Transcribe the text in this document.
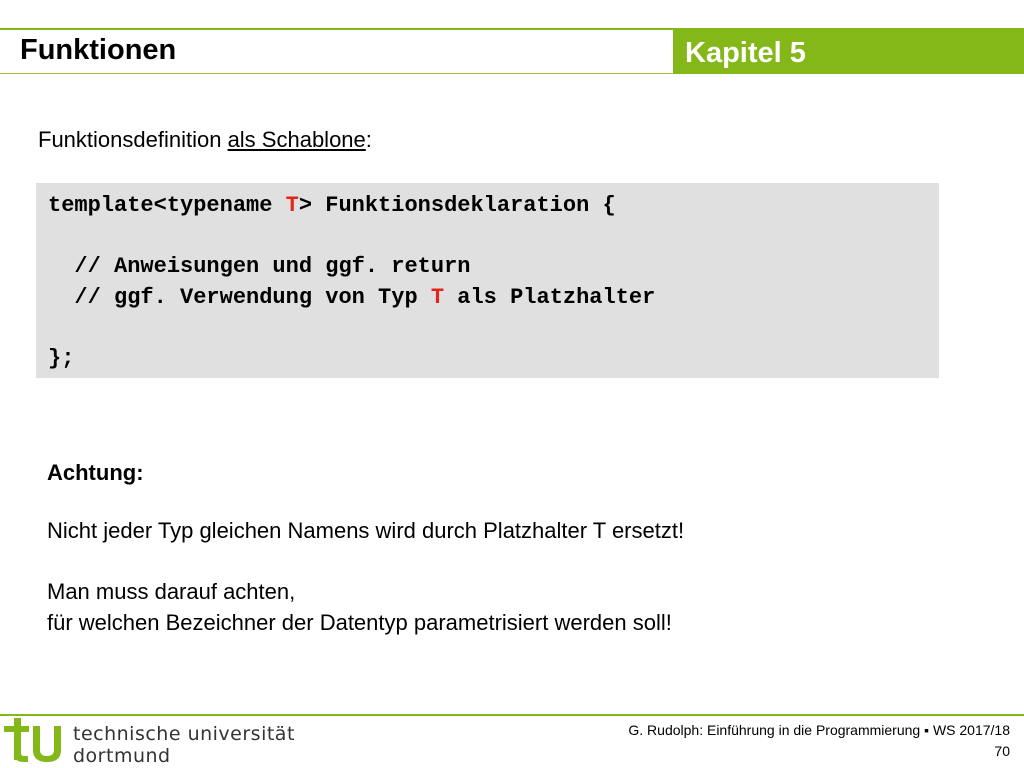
Funktionen	Kapitel 5
Funktionsdefinition als Schablone:
template<typename T> Funktionsdeklaration {
// Anweisungen und ggf. return
// ggf. Verwendung von Typ T als Platzhalter
};
Achtung:
Nicht jeder Typ gleichen Namens wird durch Platzhalter T ersetzt!
Man muss darauf achten,
für welchen Bezeichner der Datentyp parametrisiert werden soll!
technische universität
dortmund
G. Rudolph: Einführung in die Programmierung ▪ WS 2017/18
70
